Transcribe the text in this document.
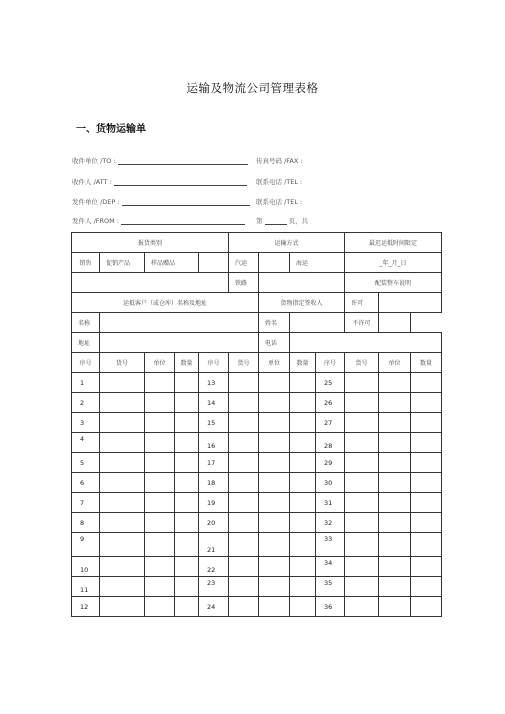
运输及物流公司管理表格
一、货物运输单
收件单位 /TO :	传真号码 /FAX :
收件人 /ATT :	联系电话 /TEL :
发件单位 /DEP :	联系电话 /TEL :
发件人 /FROM :	第	页，共
报货类别					运输方式				最迟运抵时间限定		
销售	促销产品	样品赠品			汽运		海运		_年_月_日		
					铁路				配装整车说明		
运抵客户（或仓库）名称及地址						货物指定签收人			许可		
名称						姓名			不许可		
地址						电话					
序号	货号	单位	数量	序号	货号	单位	数量	序号	货号	单位	数量
1				13				25			
2				14				26			
3				15				27			
4				16				28			
5				17				29			
6				18				30			
7				19				31			
8				20				32			
9				21				33			
10				22				34			
11				23				35			
12				24				36			
